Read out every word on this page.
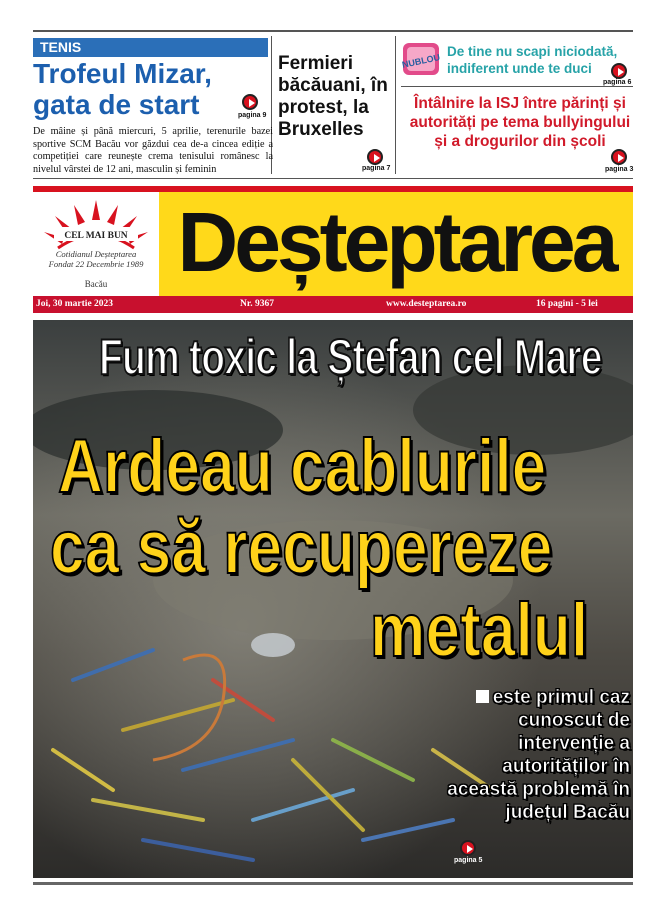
TENIS
Trofeul Mizar, gata de start	pagina 9
De mâine și până miercuri, 5 aprilie, terenurile bazei sportive SCM Bacău vor găzdui cea de-a cincea ediție a competiției care reunește crema tenisului românesc la nivelul vârstei de 12 ani, masculin și feminin
Fermieri băcăuani, în protest, la Bruxelles
pagina 7
NUBLOU
De tine nu scapi niciodată, indiferent unde te duci
pagina 6
Întâlnire la ISJ între părinți și autorități pe tema bullyingului și a drogurilor din școli
pagina 3
CEL MAI BUN
Cotidianul Deșteptarea
Fondat 22 Decembrie 1989
Bacău Deșteptarea
Joi, 30 martie 2023	Nr. 9367	www.desteptarea.ro	16 pagini - 5 lei
Fum toxic la Ștefan cel Mare
Ardeau cablurile
ca să recupereze
metalul
este primul caz cunoscut de intervenție a autorităților în această problemă în județul Bacău
pagina 5
